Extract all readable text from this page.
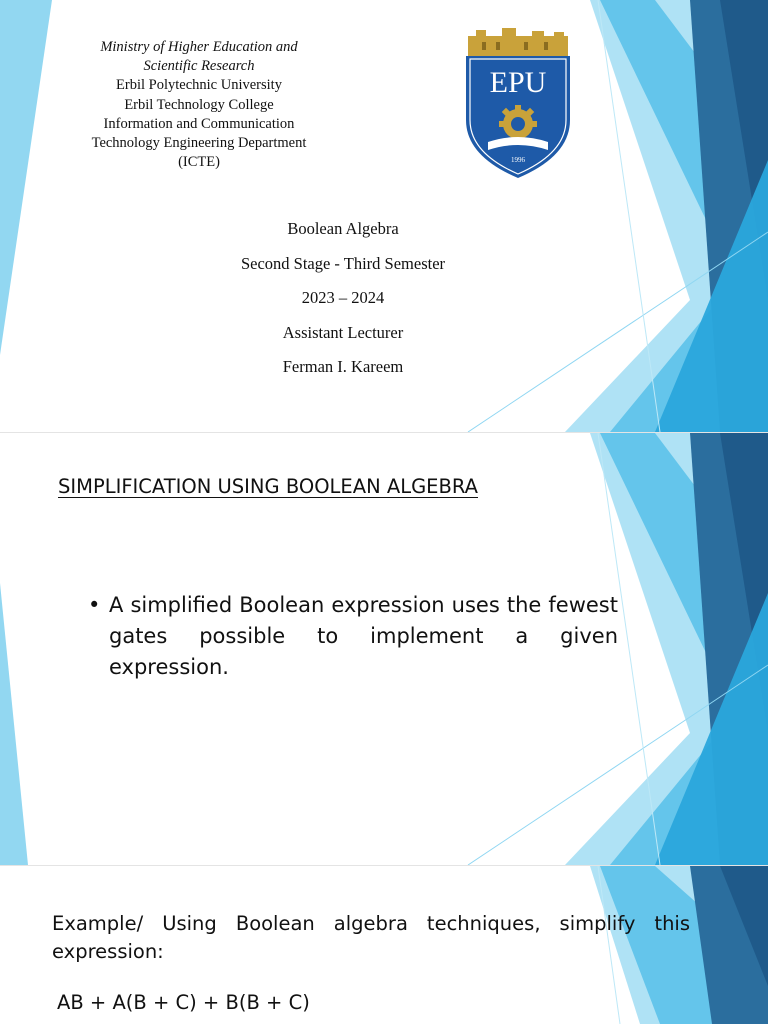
Ministry of Higher Education and
Scientific Research
Erbil Polytechnic University
Erbil Technology College
Information and Communication
Technology Engineering Department
(ICTE)
EPU
1996
Boolean Algebra
Second Stage - Third Semester
2023 – 2024
Assistant Lecturer
Ferman I. Kareem
SIMPLIFICATION USING BOOLEAN ALGEBRA
• A simplified Boolean expression uses the fewest gates possible to implement a given expression.
Example/ Using Boolean algebra techniques, simplify this expression:
AB + A(B + C) + B(B + C)
